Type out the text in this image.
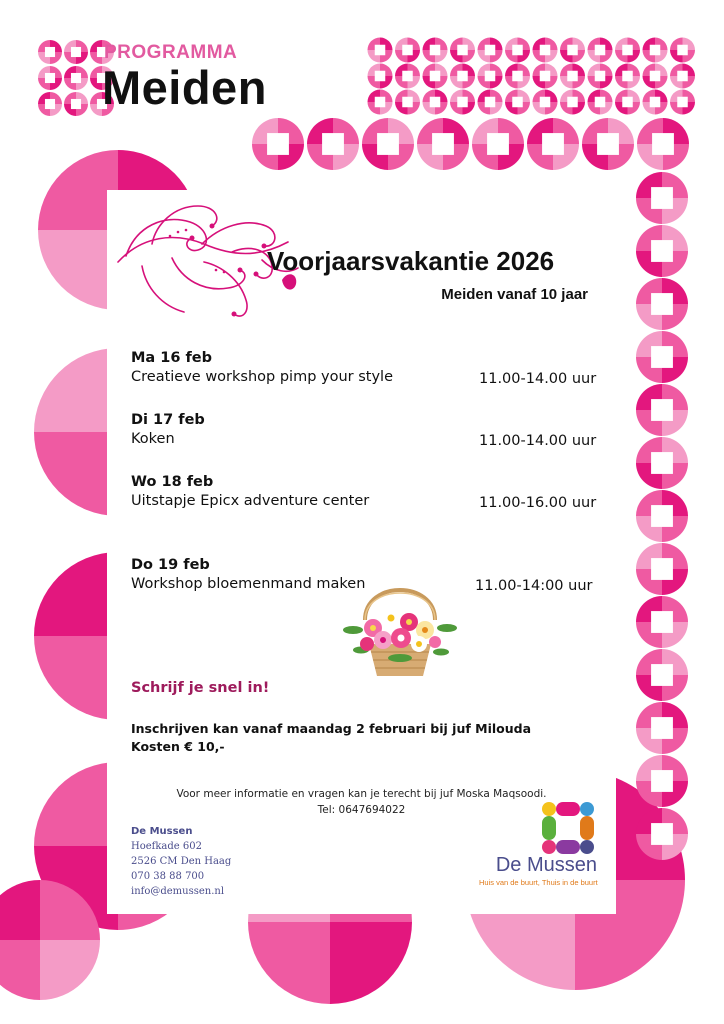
PROGRAMMA
Meiden
Voorjaarsvakantie 2026
Meiden vanaf 10 jaar
Ma 16 feb
Creatieve workshop pimp your style	11.00-14.00 uur
Di 17 feb
Koken	11.00-14.00 uur
Wo 18 feb
Uitstapje Epicx adventure center	11.00-16.00 uur
Do 19 feb
Workshop bloemenmand maken	11.00-14:00 uur
Schrijf je snel in!
Inschrijven kan vanaf maandag 2 februari bij juf Milouda
Kosten € 10,-
Voor meer informatie en vragen kan je terecht bij juf Moska Maqsoodi.
Tel: 0647694022
De Mussen
Hoefkade 602
2526 CM Den Haag
070 38 88 700
info@demussen.nl
De Mussen
Huis van de buurt, Thuis in de buurt
